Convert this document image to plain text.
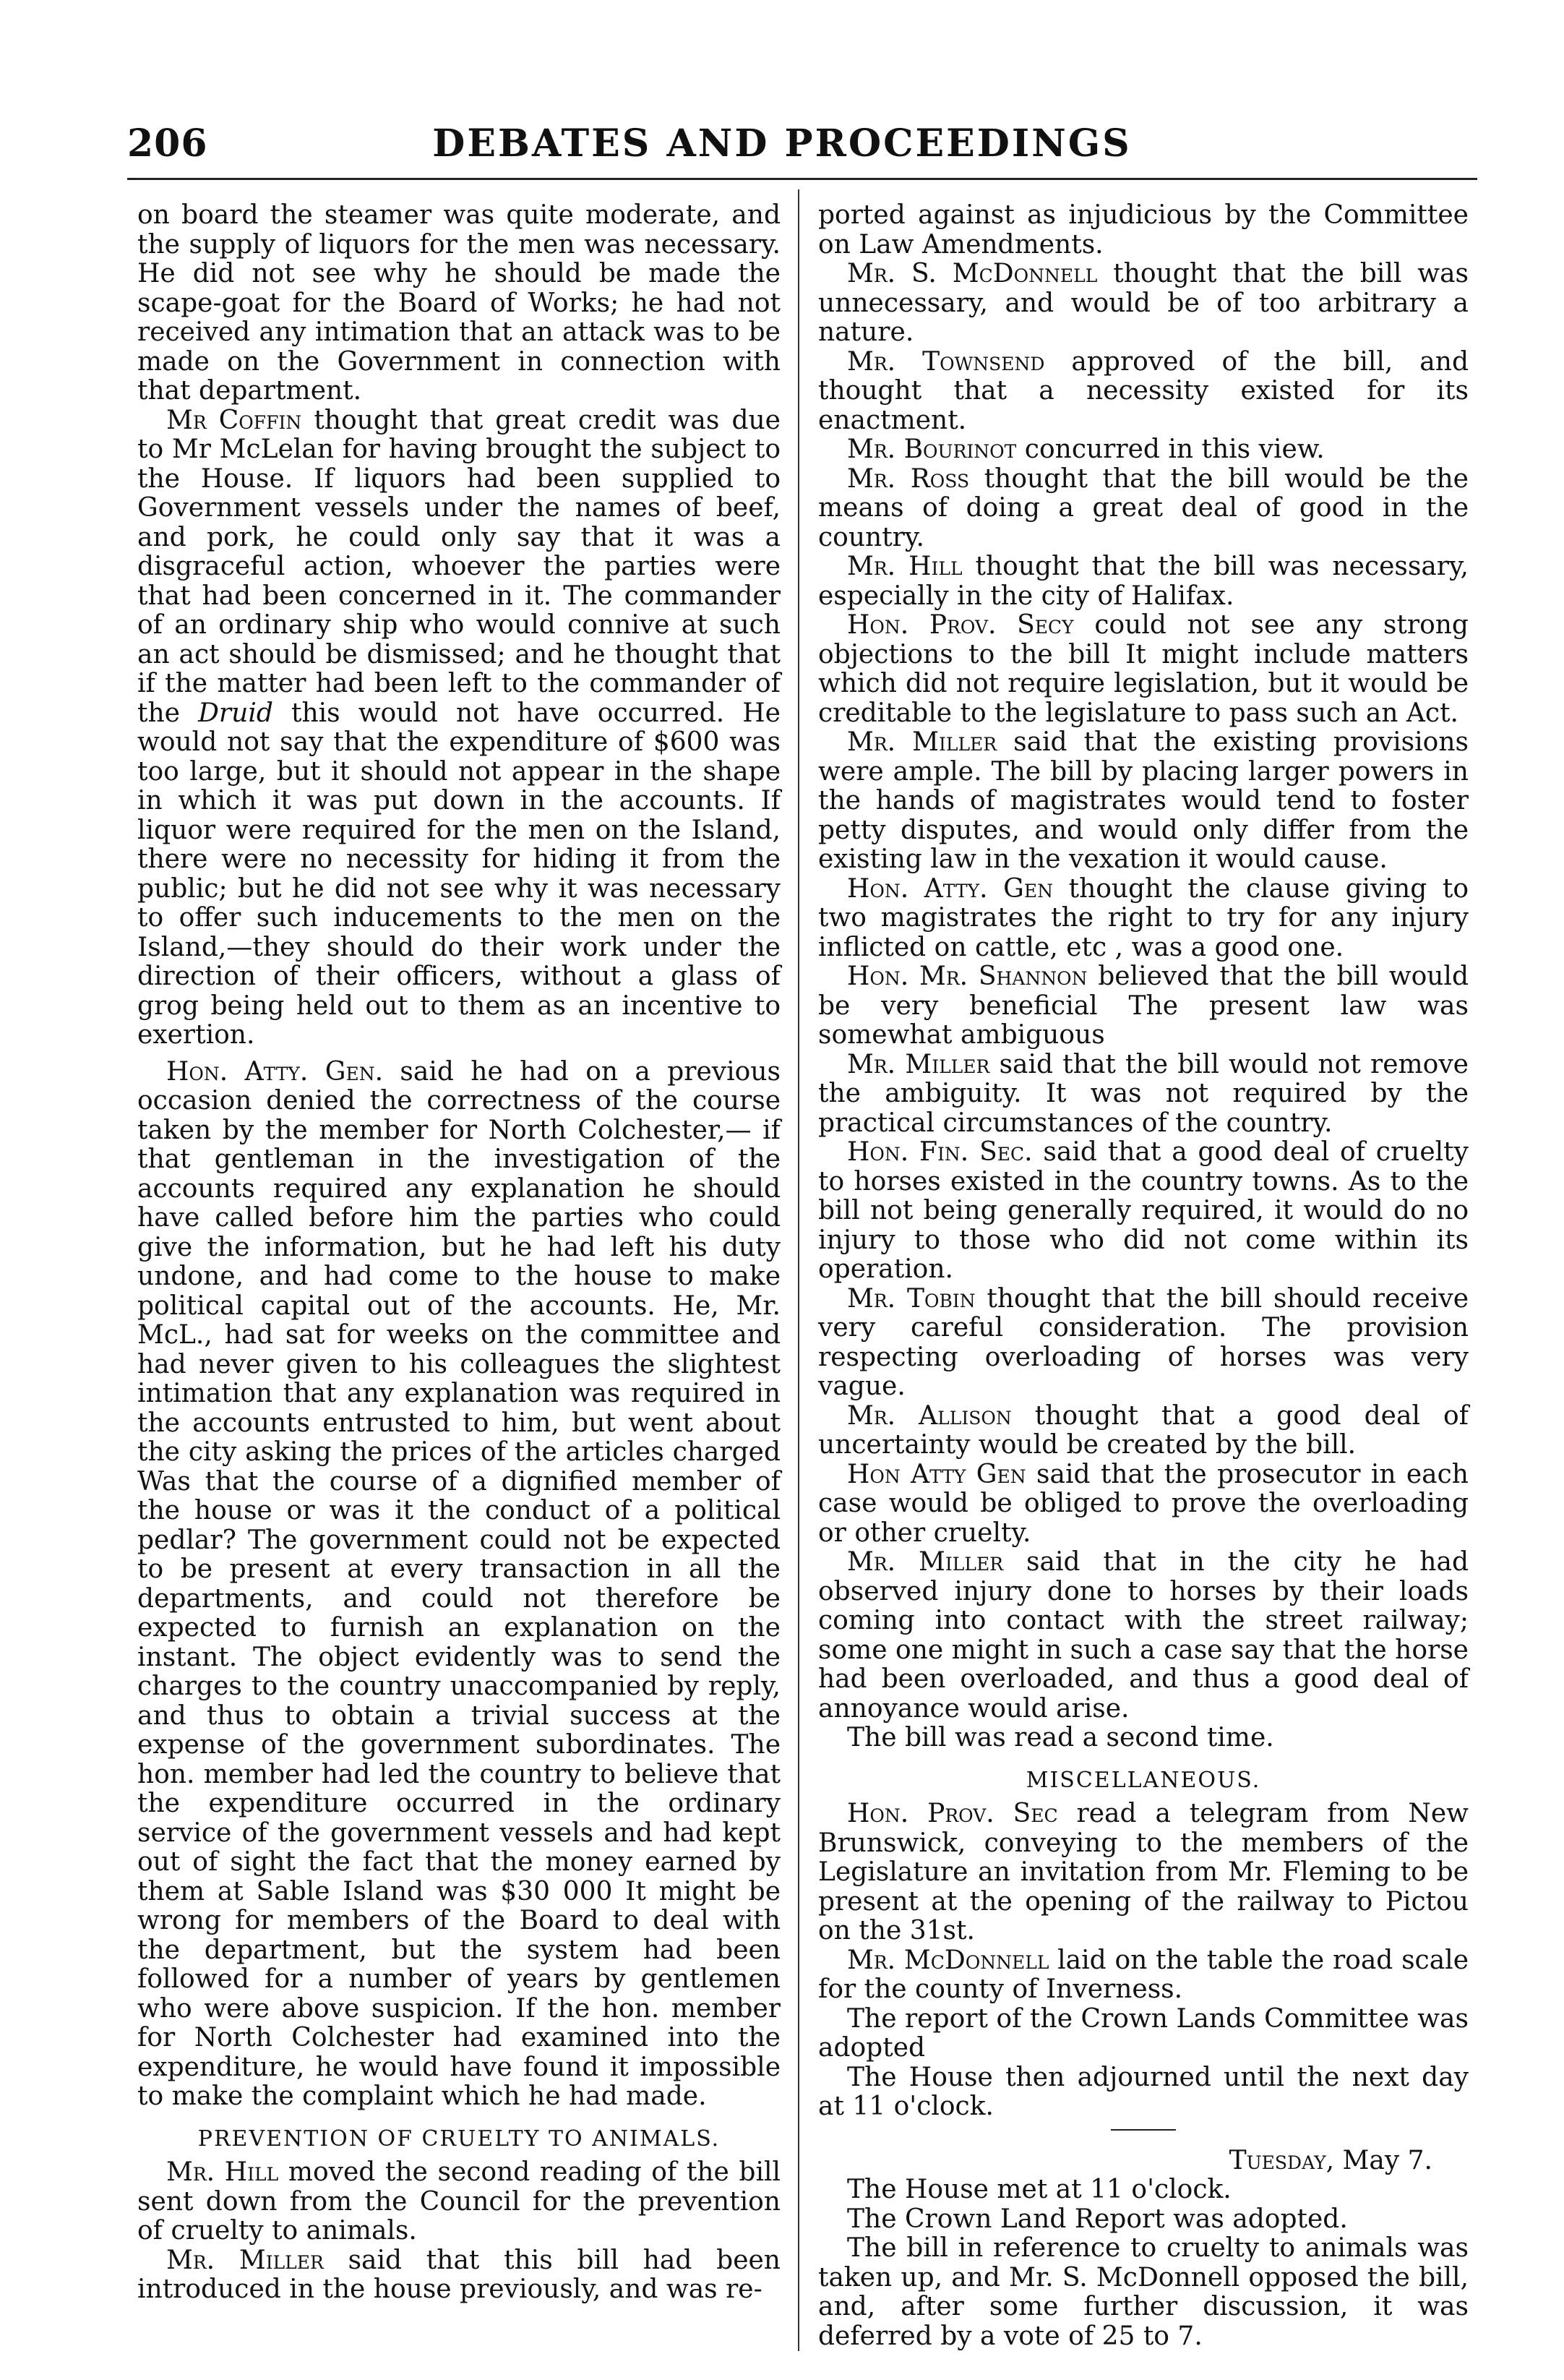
206	DEBATES AND PROCEEDINGS

on board the steamer was quite moderate, and the supply of liquors for the men was necessary. He did not see why he should be made the scape-goat for the Board of Works; he had not received any intimation that an attack was to be made on the Government in connection with that department.

Mr Coffin thought that great credit was due to Mr McLelan for having brought the subject to the House. If liquors had been supplied to Government vessels under the names of beef, and pork, he could only say that it was a disgraceful action, whoever the parties were that had been concerned in it. The commander of an ordinary ship who would connive at such an act should be dismissed; and he thought that if the matter had been left to the commander of the Druid this would not have occurred. He would not say that the expenditure of $600 was too large, but it should not appear in the shape in which it was put down in the accounts. If liquor were required for the men on the Island, there were no necessity for hiding it from the public; but he did not see why it was necessary to offer such inducements to the men on the Island,—they should do their work under the direction of their officers, without a glass of grog being held out to them as an incentive to exertion.

Hon. Atty. Gen. said he had on a previous occasion denied the correctness of the course taken by the member for North Colchester,— if that gentleman in the investigation of the accounts required any explanation he should have called before him the parties who could give the information, but he had left his duty undone, and had come to the house to make political capital out of the accounts. He, Mr. McL., had sat for weeks on the committee and had never given to his colleagues the slightest intimation that any explanation was required in the accounts entrusted to him, but went about the city asking the prices of the articles charged Was that the course of a dignified member of the house or was it the conduct of a political pedlar? The government could not be expected to be present at every transaction in all the departments, and could not therefore be expected to furnish an explanation on the instant. The object evidently was to send the charges to the country unaccompanied by reply, and thus to obtain a trivial success at the expense of the government subordinates. The hon. member had led the country to believe that the expenditure occurred in the ordinary service of the government vessels and had kept out of sight the fact that the money earned by them at Sable Island was $30 000 It might be wrong for members of the Board to deal with the department, but the system had been followed for a number of years by gentlemen who were above suspicion. If the hon. member for North Colchester had examined into the expenditure, he would have found it impossible to make the complaint which he had made.

PREVENTION OF CRUELTY TO ANIMALS.

Mr. Hill moved the second reading of the bill sent down from the Council for the prevention of cruelty to animals.

Mr. Miller said that this bill had been introduced in the house previously, and was re-

ported against as injudicious by the Committee on Law Amendments.

Mr. S. McDonnell thought that the bill was unnecessary, and would be of too arbitrary a nature.

Mr. Townsend approved of the bill, and thought that a necessity existed for its enactment.

Mr. Bourinot concurred in this view.

Mr. Ross thought that the bill would be the means of doing a great deal of good in the country.

Mr. Hill thought that the bill was necessary, especially in the city of Halifax.

Hon. Prov. Secy could not see any strong objections to the bill It might include matters which did not require legislation, but it would be creditable to the legislature to pass such an Act.

Mr. Miller said that the existing provisions were ample. The bill by placing larger powers in the hands of magistrates would tend to foster petty disputes, and would only differ from the existing law in the vexation it would cause.

Hon. Atty. Gen thought the clause giving to two magistrates the right to try for any injury inflicted on cattle, etc , was a good one.

Hon. Mr. Shannon believed that the bill would be very beneficial The present law was somewhat ambiguous

Mr. Miller said that the bill would not remove the ambiguity. It was not required by the practical circumstances of the country.

Hon. Fin. Sec. said that a good deal of cruelty to horses existed in the country towns. As to the bill not being generally required, it would do no injury to those who did not come within its operation.

Mr. Tobin thought that the bill should receive very careful consideration. The provision respecting overloading of horses was very vague.

Mr. Allison thought that a good deal of uncertainty would be created by the bill.

Hon Atty Gen said that the prosecutor in each case would be obliged to prove the overloading or other cruelty.

Mr. Miller said that in the city he had observed injury done to horses by their loads coming into contact with the street railway; some one might in such a case say that the horse had been overloaded, and thus a good deal of annoyance would arise.

The bill was read a second time.

MISCELLANEOUS.

Hon. Prov. Sec read a telegram from New Brunswick, conveying to the members of the Legislature an invitation from Mr. Fleming to be present at the opening of the railway to Pictou on the 31st.

Mr. McDonnell laid on the table the road scale for the county of Inverness.

The report of the Crown Lands Committee was adopted

The House then adjourned until the next day at 11 o'clock.

Tuesday, May 7.

The House met at 11 o'clock.

The Crown Land Report was adopted.

The bill in reference to cruelty to animals was taken up, and Mr. S. McDonnell opposed the bill, and, after some further discussion, it was deferred by a vote of 25 to 7.
